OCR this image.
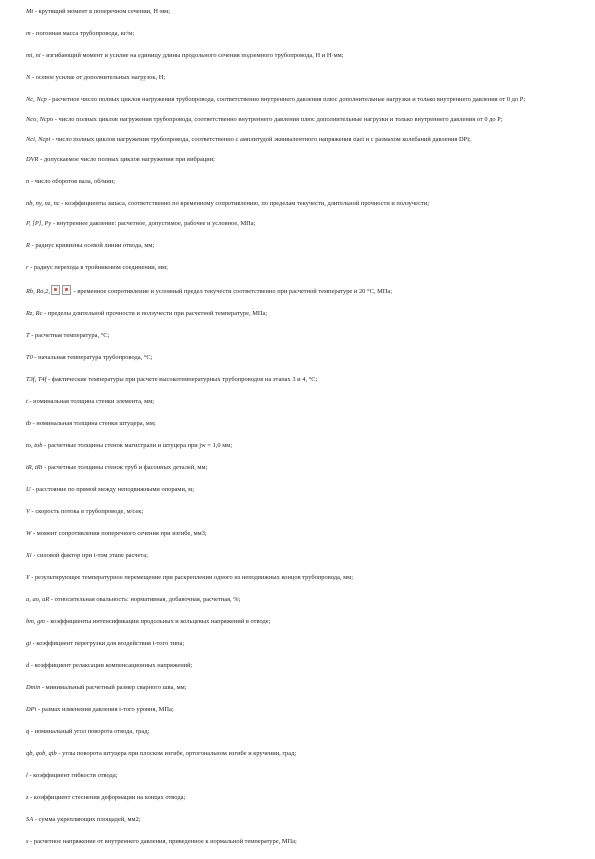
Mt - крутящий момент в поперечном сечении, Н·мм;

m - погонная масса трубопровода, кг/м;

mi, ni - изгибающий момент и усилие на единицу длины продольного сечения подземного трубопровода, Н и Н·мм;

N - осевое усилие от дополнительных нагрузок, Н;

Nc, Ncp - расчетное число полных циклов нагружения трубопровода, соответственно внутреннего давления плюс дополнительные нагрузки и только внутреннего давления от 0 до P;

Nco, Ncpo - число полных циклов нагружения трубопровода, соответственно внутреннего давления плюс дополнительные нагрузки и только внутреннего давления от 0 до P;

Nci, Ncpi - число полных циклов нагружения трубопровода, соответственно с амплитудой эквивалентного напряжения σaei и с размахом колебаний давления DPi;

DVR - допускаемое число полных циклов нагружения при вибрации;

n - число оборотов вала, об/мин;

nb, ny, nz, nc - коэффициенты запаса, соответственно по временному сопротивлению, по пределам текучести, длительной прочности и ползучести;

P, [P], Py - внутреннее давление: расчетное, допустимое, рабочее и условное, МПа;

R - радиус кривизны осевой линии отвода, мм;

r - радиус перехода в тройниковом соединении, мм;

Rb, Ro,2,	- временное сопротивление и условный предел текучести соответственно при расчетной температуре и 20 °С, МПа;

Rz, Rc - пределы длительной прочности и ползучести при расчетной температуре, МПа;

T - расчетная температура, °С;

T0 - начальная температура трубопровода, °С;

T3f, T4f - фактические температуры при расчете высокотемпературных трубопроводов на этапах 3 и 4, °С;

t - номинальная толщина стенки элемента, мм;

tb - номинальная толщина стенки штуцера, мм;

to, tob - расчетные толщины стенок магистрали и штуцера при jw = 1,0 мм;

tR, tRi - расчетные толщины стенок труб и фасонных деталей, мм;

U - расстояние по прямой между неподвижными опорами, м;

V - скорость потока в трубопроводе, м/сек;

W - момент сопротивления поперечного сечения при изгибе, мм3;

Xi - силовой фактор при i-том этапе расчета;

Y - результирующее температурное перемещение при раскреплении одного из неподвижных концов трубопровода, мм;

a, ao, aR - относительная овальность: нормативная, добавочная, расчетная, %;

bm, gm - коэффициенты интенсификации продольных и кольцевых напряжений в отводе;

gi - коэффициент перегрузки для воздействия i-того типа;

d - коэффициент релаксации компенсационных напряжений;

Dmin - минимальный расчетный размер сварного шва, мм;

DPi - размах изменения давления i-того уровня, МПа;

q - номинальный угол поворота отвода, град;

qb, qob, qtb - углы поворота штуцера при плоском изгибе, ортогональном изгибе и кручении, град;

l - коэффициент гибкости отвода;

z - коэффициент стеснения деформации на концах отвода;

SA - сумма укрепляющих площадей, мм2;

s - расчетное напряжение от внутреннего давления, приведенное к нормальной температуре, МПа;
